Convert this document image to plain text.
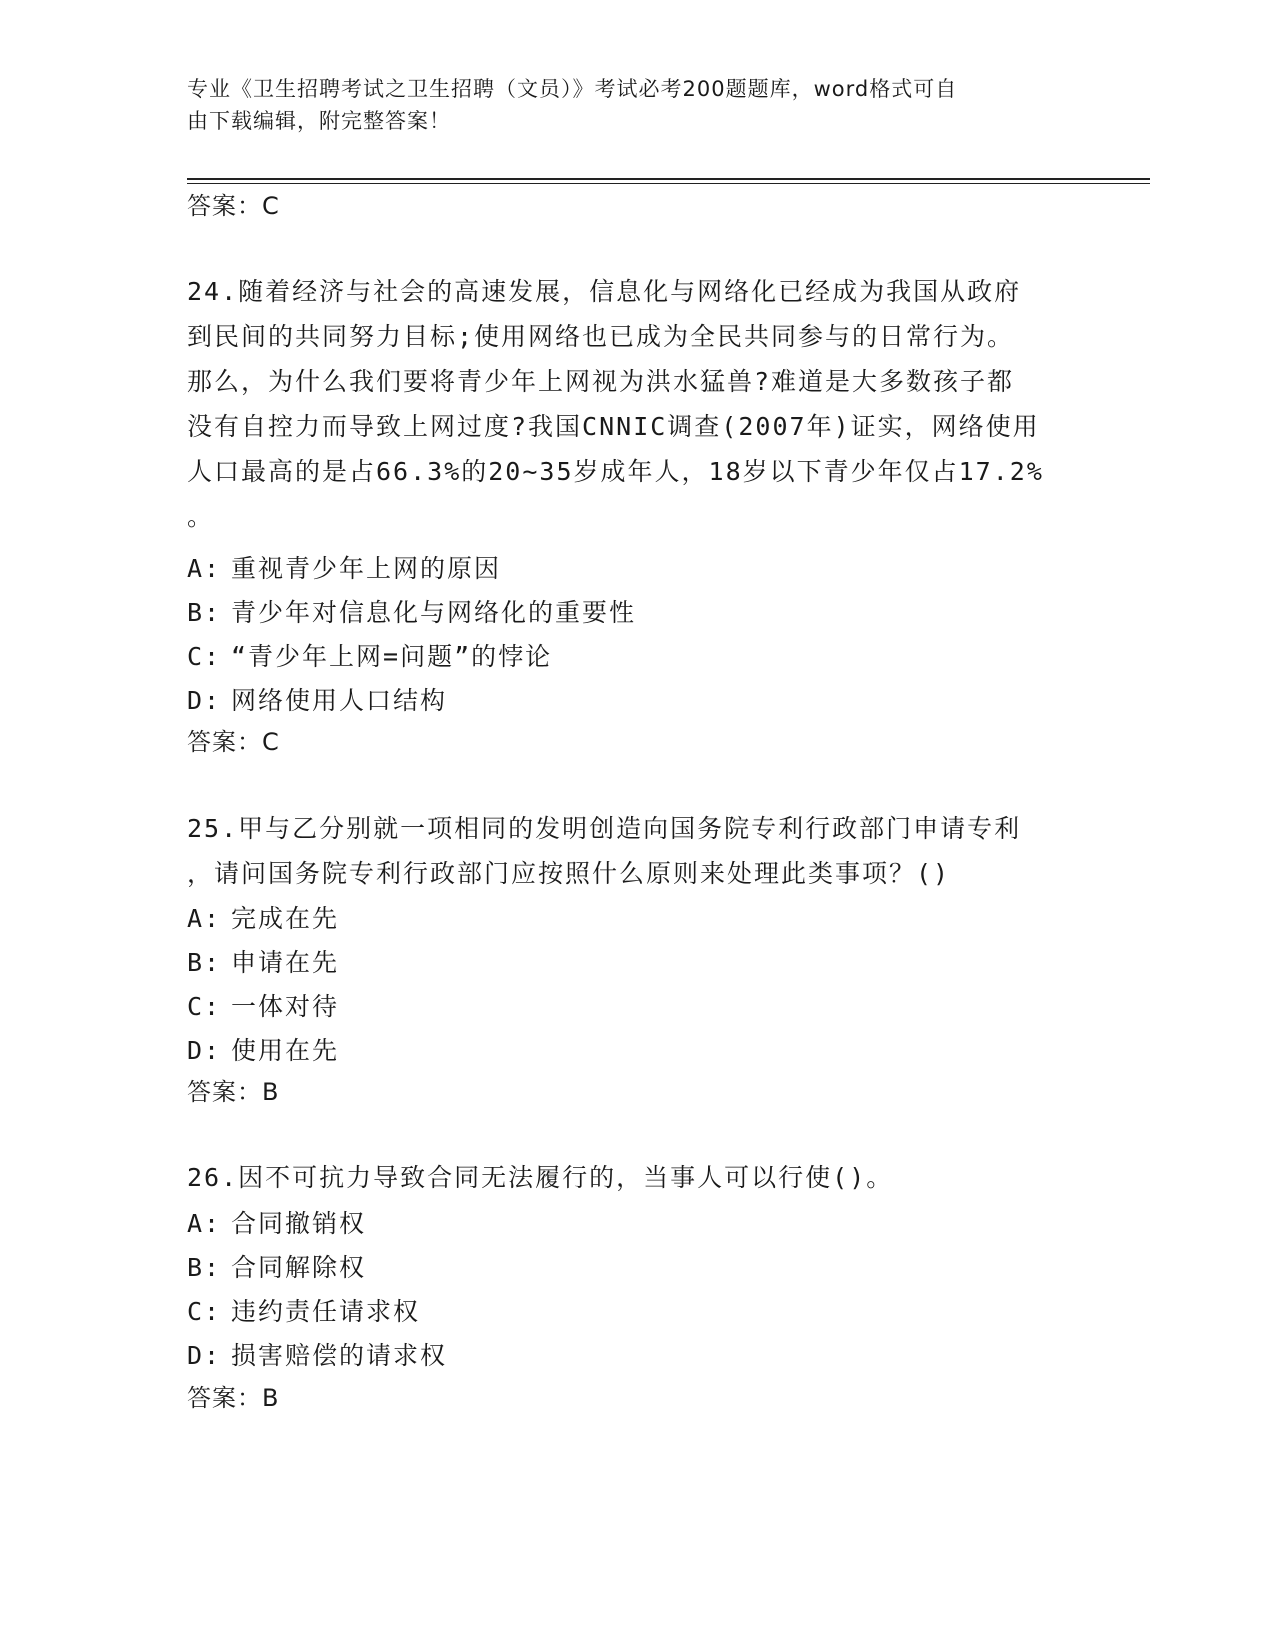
专业《卫生招聘考试之卫生招聘（文员）》考试必考200题题库，word格式可自
由下载编辑，附完整答案！
答案：C
24.随着经济与社会的高速发展，信息化与网络化已经成为我国从政府
到民间的共同努力目标;使用网络也已成为全民共同参与的日常行为。
那么，为什么我们要将青少年上网视为洪水猛兽?难道是大多数孩子都
没有自控力而导致上网过度?我国CNNIC调查(2007年)证实，网络使用
人口最高的是占66.3%的20~35岁成年人，18岁以下青少年仅占17.2%
。
A: 重视青少年上网的原因
B: 青少年对信息化与网络化的重要性
C: “青少年上网=问题”的悖论
D: 网络使用人口结构
答案：C
25.甲与乙分别就一项相同的发明创造向国务院专利行政部门申请专利
，请问国务院专利行政部门应按照什么原则来处理此类事项？()
A: 完成在先
B: 申请在先
C: 一体对待
D: 使用在先
答案：B
26.因不可抗力导致合同无法履行的，当事人可以行使()。
A: 合同撤销权
B: 合同解除权
C: 违约责任请求权
D: 损害赔偿的请求权
答案：B
